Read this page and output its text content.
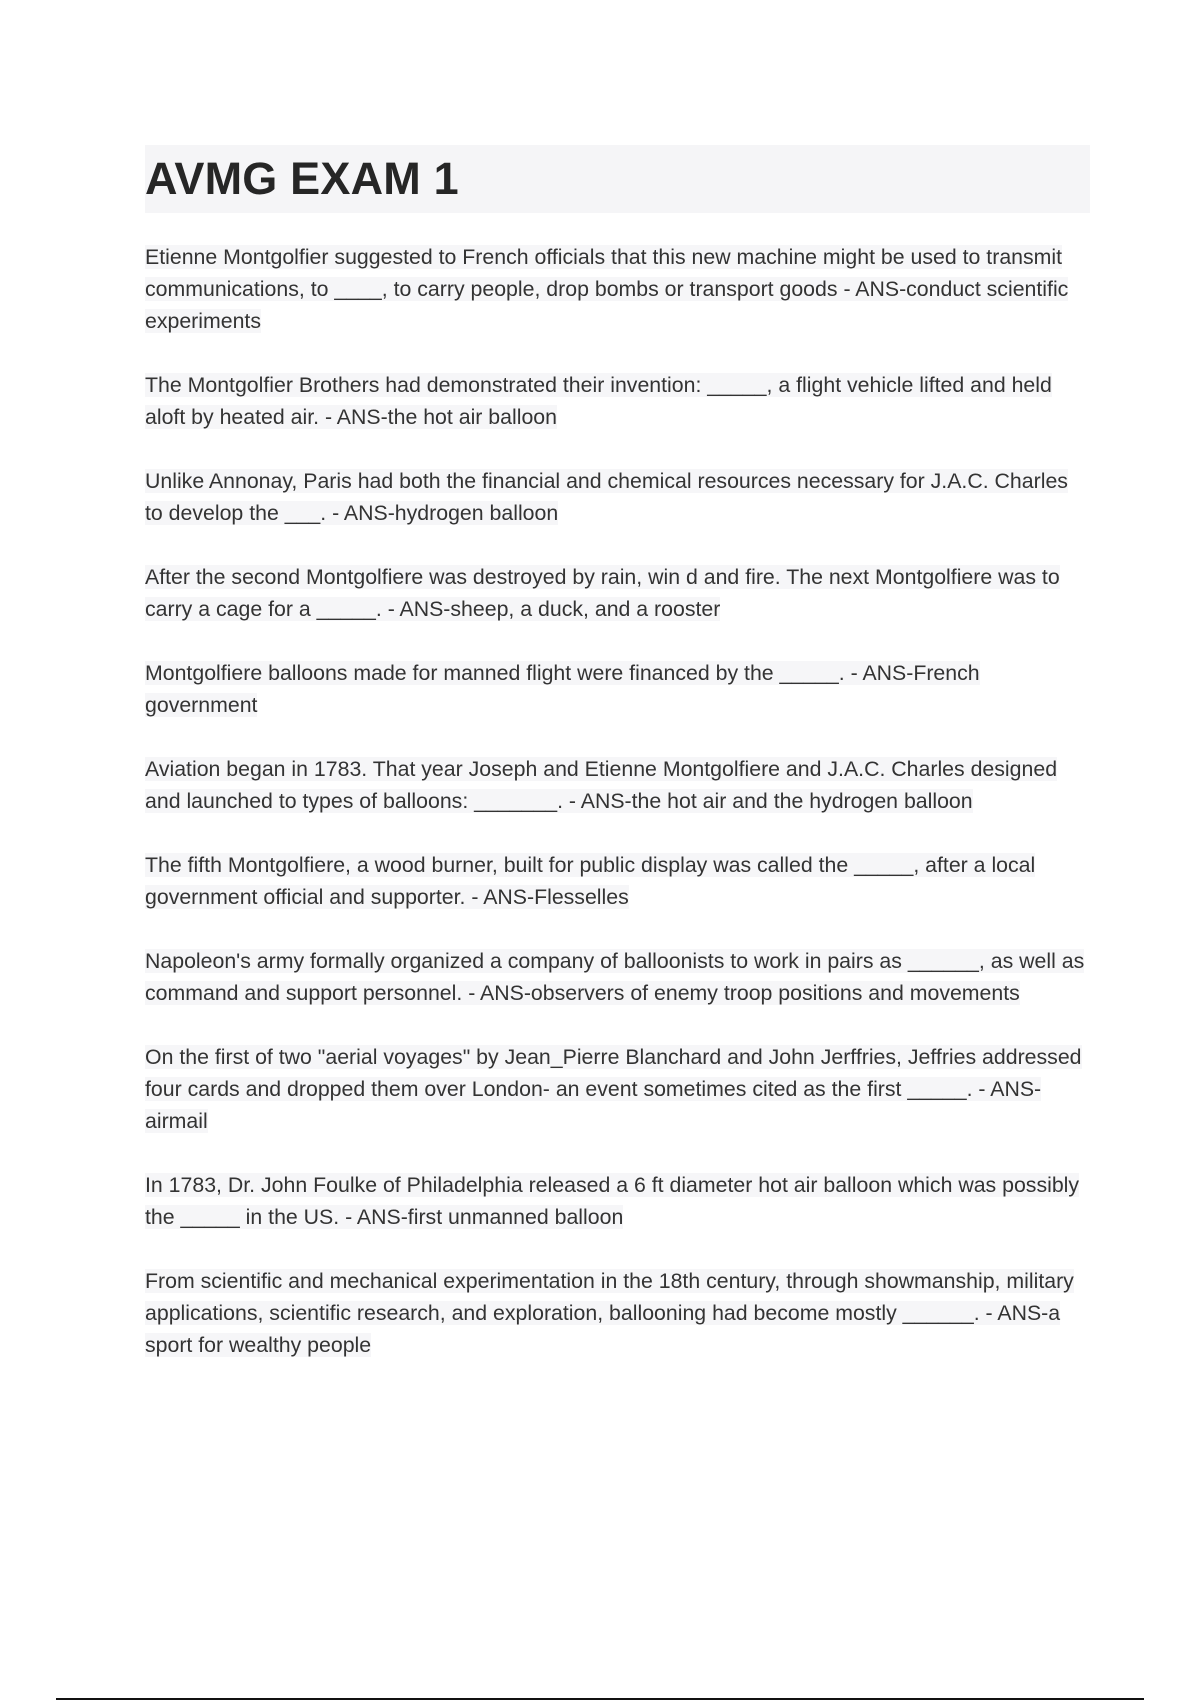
AVMG EXAM 1

Etienne Montgolfier suggested to French officials that this new machine might be used to transmit communications, to ____, to carry people, drop bombs or transport goods - ANS-conduct scientific experiments

The Montgolfier Brothers had demonstrated their invention: _____, a flight vehicle lifted and held aloft by heated air. - ANS-the hot air balloon

Unlike Annonay, Paris had both the financial and chemical resources necessary for J.A.C. Charles to develop the ___. - ANS-hydrogen balloon

After the second Montgolfiere was destroyed by rain, win d and fire. The next Montgolfiere was to carry a cage for a _____. - ANS-sheep, a duck, and a rooster

Montgolfiere balloons made for manned flight were financed by the _____. - ANS-French government

Aviation began in 1783. That year Joseph and Etienne Montgolfiere and J.A.C. Charles designed and launched to types of balloons: _______. - ANS-the hot air and the hydrogen balloon

The fifth Montgolfiere, a wood burner, built for public display was called the _____, after a local government official and supporter. - ANS-Flesselles

Napoleon's army formally organized a company of balloonists to work in pairs as ______, as well as command and support personnel. - ANS-observers of enemy troop positions and movements

On the first of two "aerial voyages" by Jean_Pierre Blanchard and John Jerffries, Jeffries addressed four cards and dropped them over London- an event sometimes cited as the first _____. - ANS-airmail

In 1783, Dr. John Foulke of Philadelphia released a 6 ft diameter hot air balloon which was possibly the _____ in the US. - ANS-first unmanned balloon

From scientific and mechanical experimentation in the 18th century, through showmanship, military applications, scientific research, and exploration, ballooning had become mostly ______. - ANS-a sport for wealthy people
